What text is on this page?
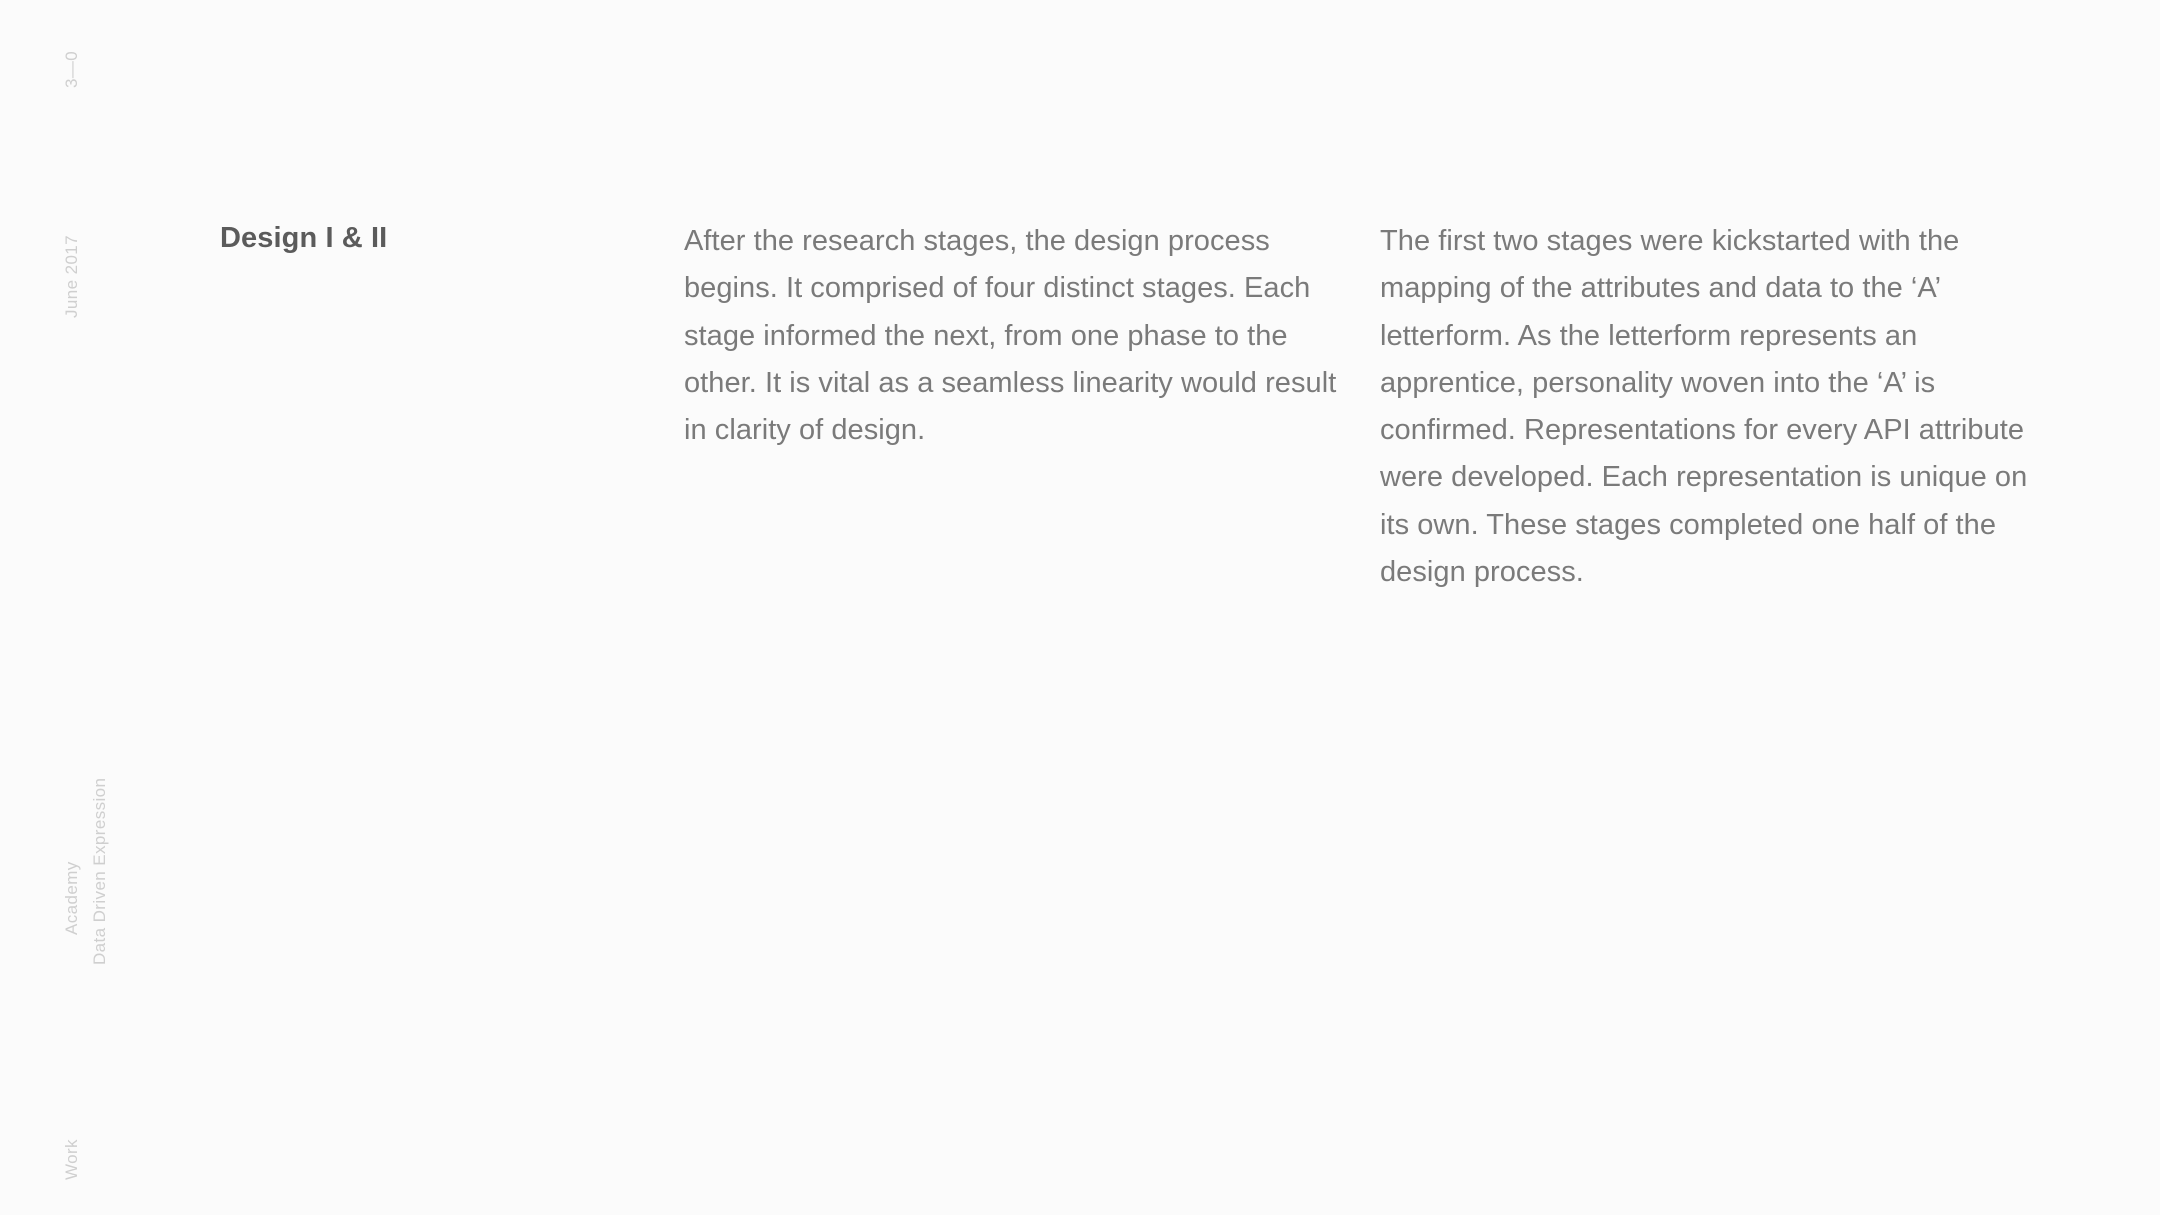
3—0
June 2017
Data Driven Expression
Academy
Work
Design I & II	After the research stages, the design process begins. It comprised of four distinct stages. Each stage informed the next, from one phase to the other. It is vital as a seamless linearity would result in clarity of design.

The first two stages were kickstarted with the mapping of the attributes and data to the ‘A’ letterform. As the letterform represents an apprentice, personality woven into the ‘A’ is confirmed. Representations for every API attribute were developed. Each representation is unique on its own. These stages completed one half of the design process.
